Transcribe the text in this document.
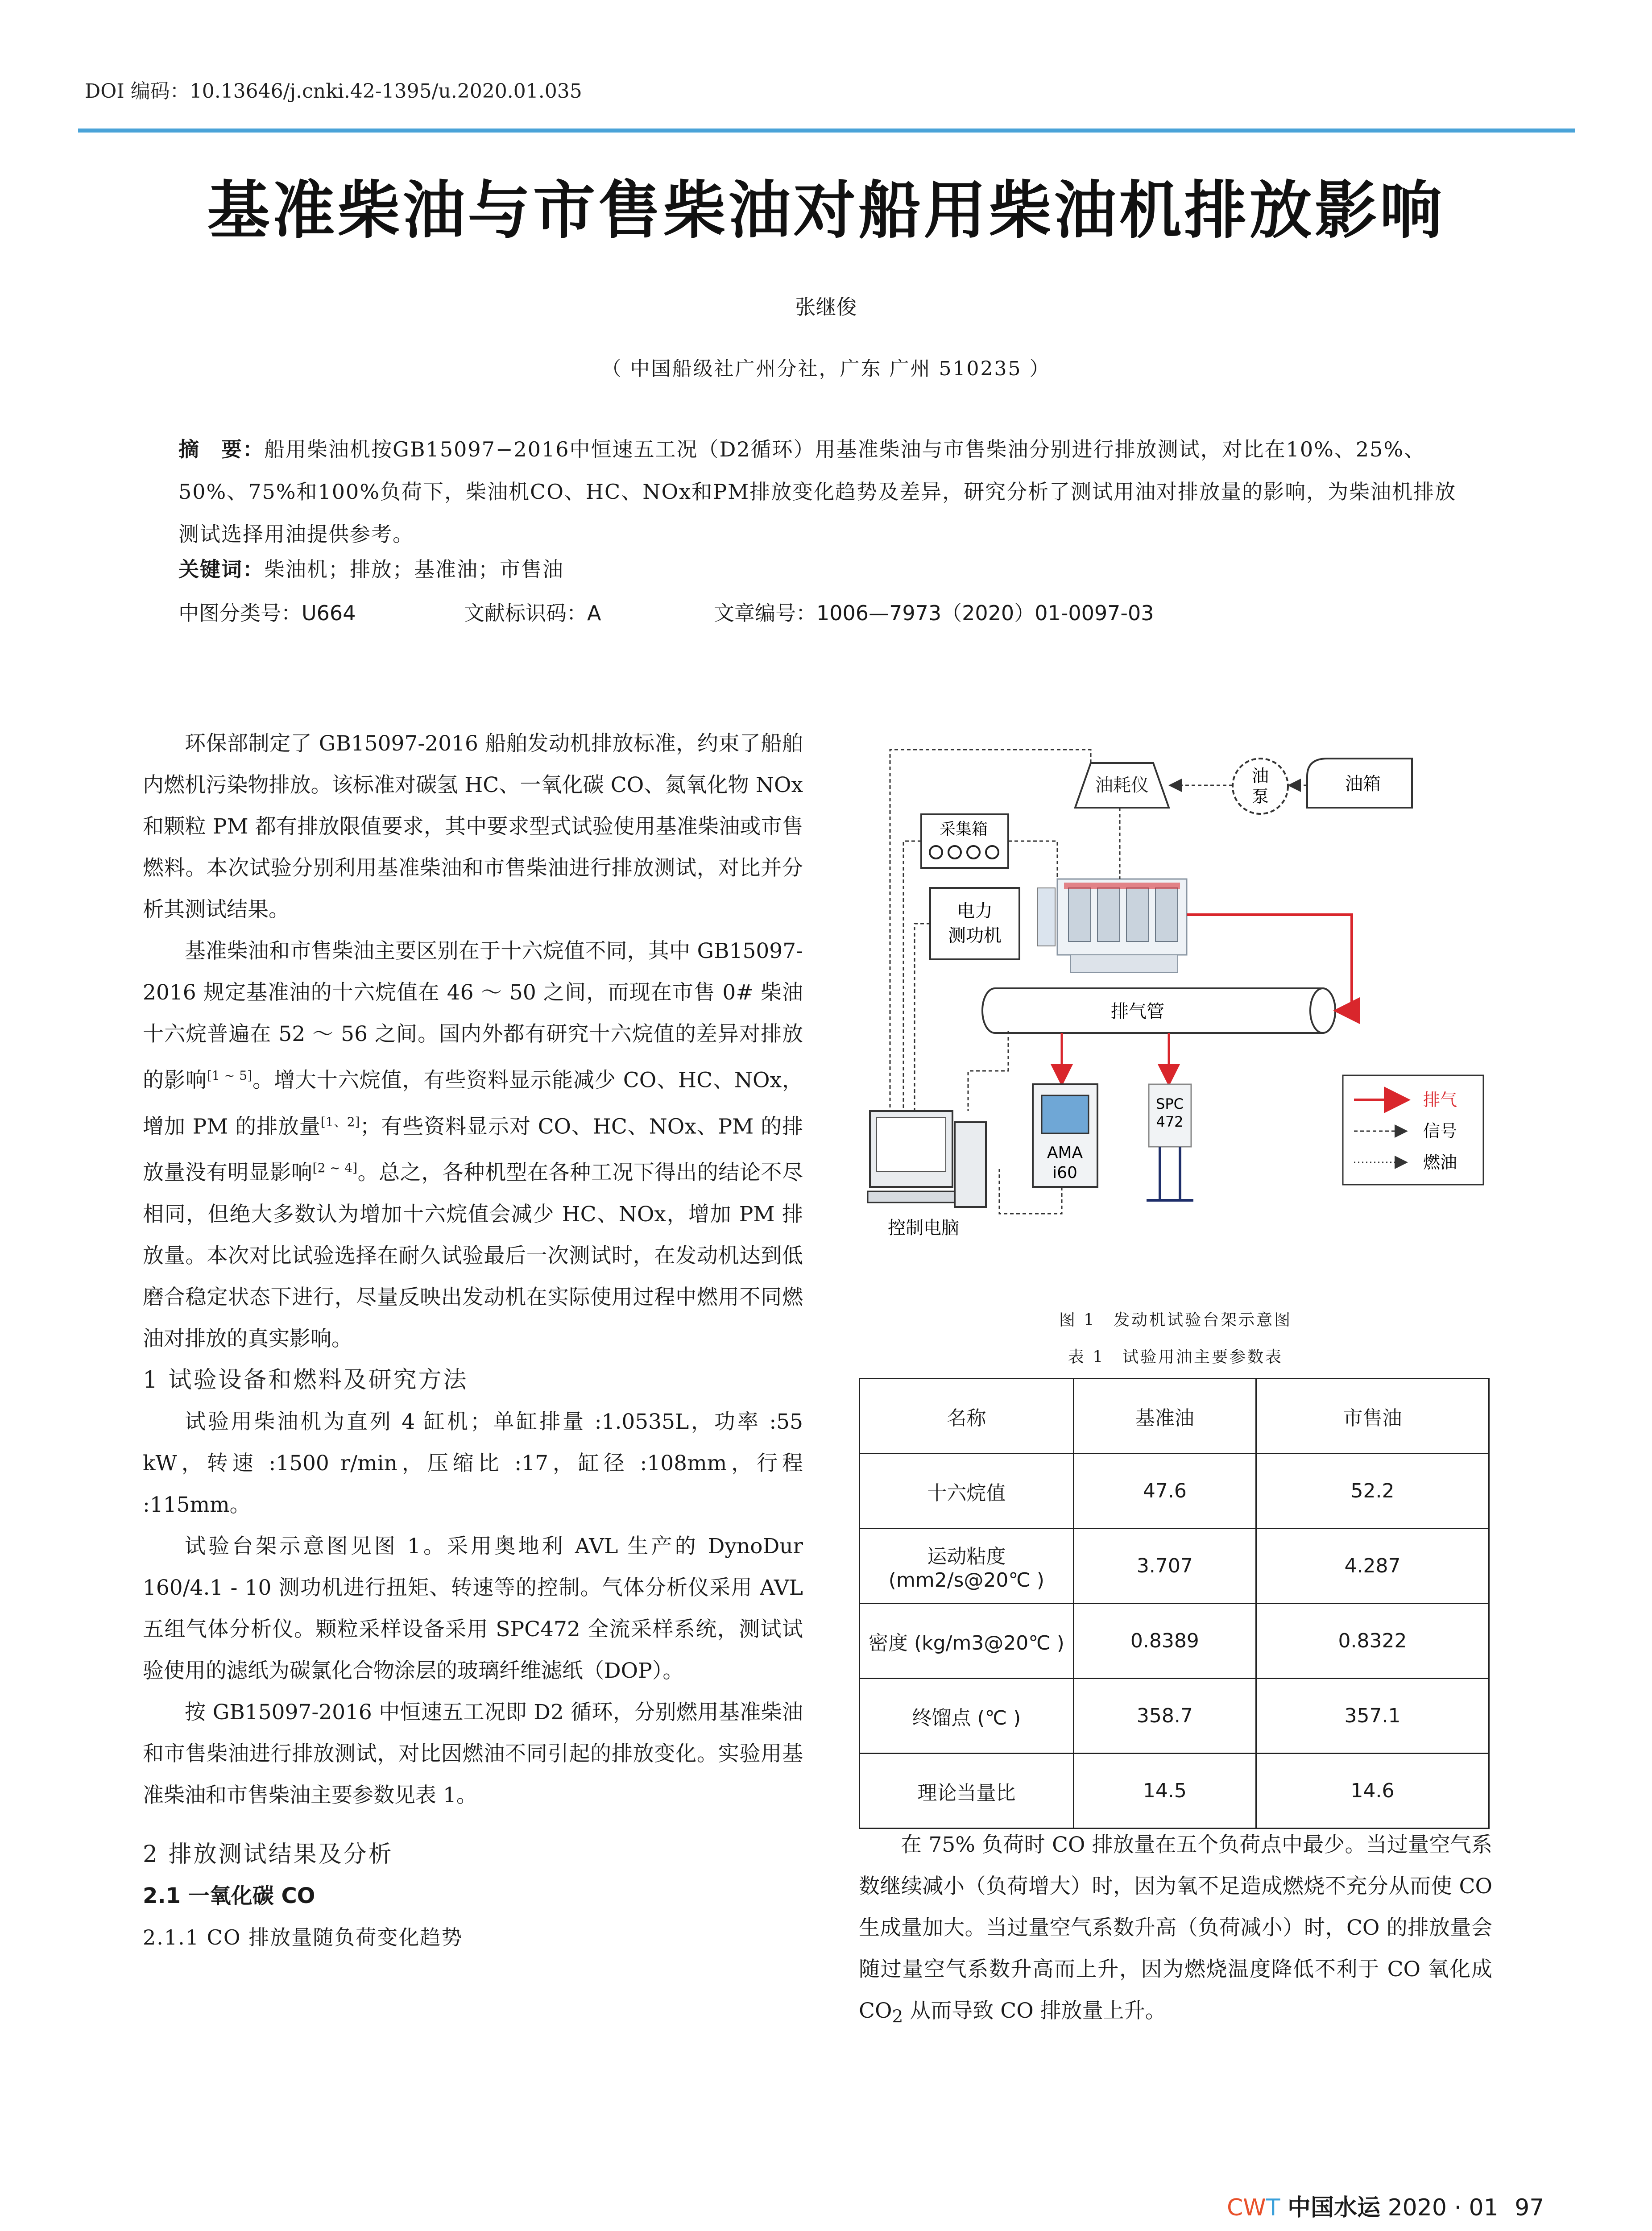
DOI 编码：10.13646/j.cnki.42-1395/u.2020.01.035
基准柴油与市售柴油对船用柴油机排放影响
张继俊
（ 中国船级社广州分社，广东 广州 510235 ）
摘　要：船用柴油机按GB15097−2016中恒速五工况（D2循环）用基准柴油与市售柴油分别进行排放测试，对比在10%、25%、50%、75%和100%负荷下，柴油机CO、HC、NOx和PM排放变化趋势及差异，研究分析了测试用油对排放量的影响，为柴油机排放测试选择用油提供参考。
关键词：柴油机；排放；基准油；市售油
中图分类号：U664	文献标识码：A	文章编号：1006—7973（2020）01-0097-03

环保部制定了 GB15097-2016 船舶发动机排放标准，约束了船舶内燃机污染物排放。该标准对碳氢 HC、一氧化碳 CO、氮氧化物 NOx 和颗粒 PM 都有排放限值要求，其中要求型式试验使用基准柴油或市售燃料。本次试验分别利用基准柴油和市售柴油进行排放测试，对比并分析其测试结果。

基准柴油和市售柴油主要区别在于十六烷值不同，其中 GB15097-2016 规定基准油的十六烷值在 46 ～ 50 之间，而现在市售 0# 柴油十六烷普遍在 52 ～ 56 之间。国内外都有研究十六烷值的差异对排放的影响[1 ~ 5]。增大十六烷值，有些资料显示能减少 CO、HC、NOx，增加 PM 的排放量[1、2]；有些资料显示对 CO、HC、NOx、PM 的排放量没有明显影响[2 ~ 4]。总之，各种机型在各种工况下得出的结论不尽相同，但绝大多数认为增加十六烷值会减少 HC、NOx，增加 PM 排放量。本次对比试验选择在耐久试验最后一次测试时，在发动机达到低磨合稳定状态下进行，尽量反映出发动机在实际使用过程中燃用不同燃油对排放的真实影响。

1 试验设备和燃料及研究方法

试验用柴油机为直列 4 缸机；单缸排量 :1.0535L，功率 :55 kW，转速 :1500 r/min，压缩比 :17，缸径 :108mm，行程 :115mm。

试验台架示意图见图 1。采用奥地利 AVL 生产的 DynoDur 160/4.1 - 10 测功机进行扭矩、转速等的控制。气体分析仪采用 AVL 五组气体分析仪。颗粒采样设备采用 SPC472 全流采样系统，测试试验使用的滤纸为碳氯化合物涂层的玻璃纤维滤纸（DOP）。

按 GB15097-2016 中恒速五工况即 D2 循环，分别燃用基准柴油和市售柴油进行排放测试，对比因燃油不同引起的排放变化。实验用基准柴油和市售柴油主要参数见表 1。

2 排放测试结果及分析

2.1 一氧化碳 CO

2.1.1 CO 排放量随负荷变化趋势

油耗仪	油
泵
油箱
采集箱
电力
测功机
排气管
AMA
i60
SPC
472
控制电脑
排气
信号
燃油
图 1　发动机试验台架示意图
表 1　试验用油主要参数表
名称	基准油	市售油
十六烷值	47.6	52.2
运动粘度 (mm2/s@20℃ )	3.707	4.287
密度 (kg/m3@20℃ )	0.8389	0.8322
终馏点 (℃ )	358.7	357.1
理论当量比	14.5	14.6

在 75% 负荷时 CO 排放量在五个负荷点中最少。当过量空气系数继续减小（负荷增大）时，因为氧不足造成燃烧不充分从而使 CO 生成量加大。当过量空气系数升高（负荷减小）时，CO 的排放量会随过量空气系数升高而上升，因为燃烧温度降低不利于 CO 氧化成 $CO_2$ 从而导致 CO 排放量上升。

CWT 中国水运 2020 · 01 97
